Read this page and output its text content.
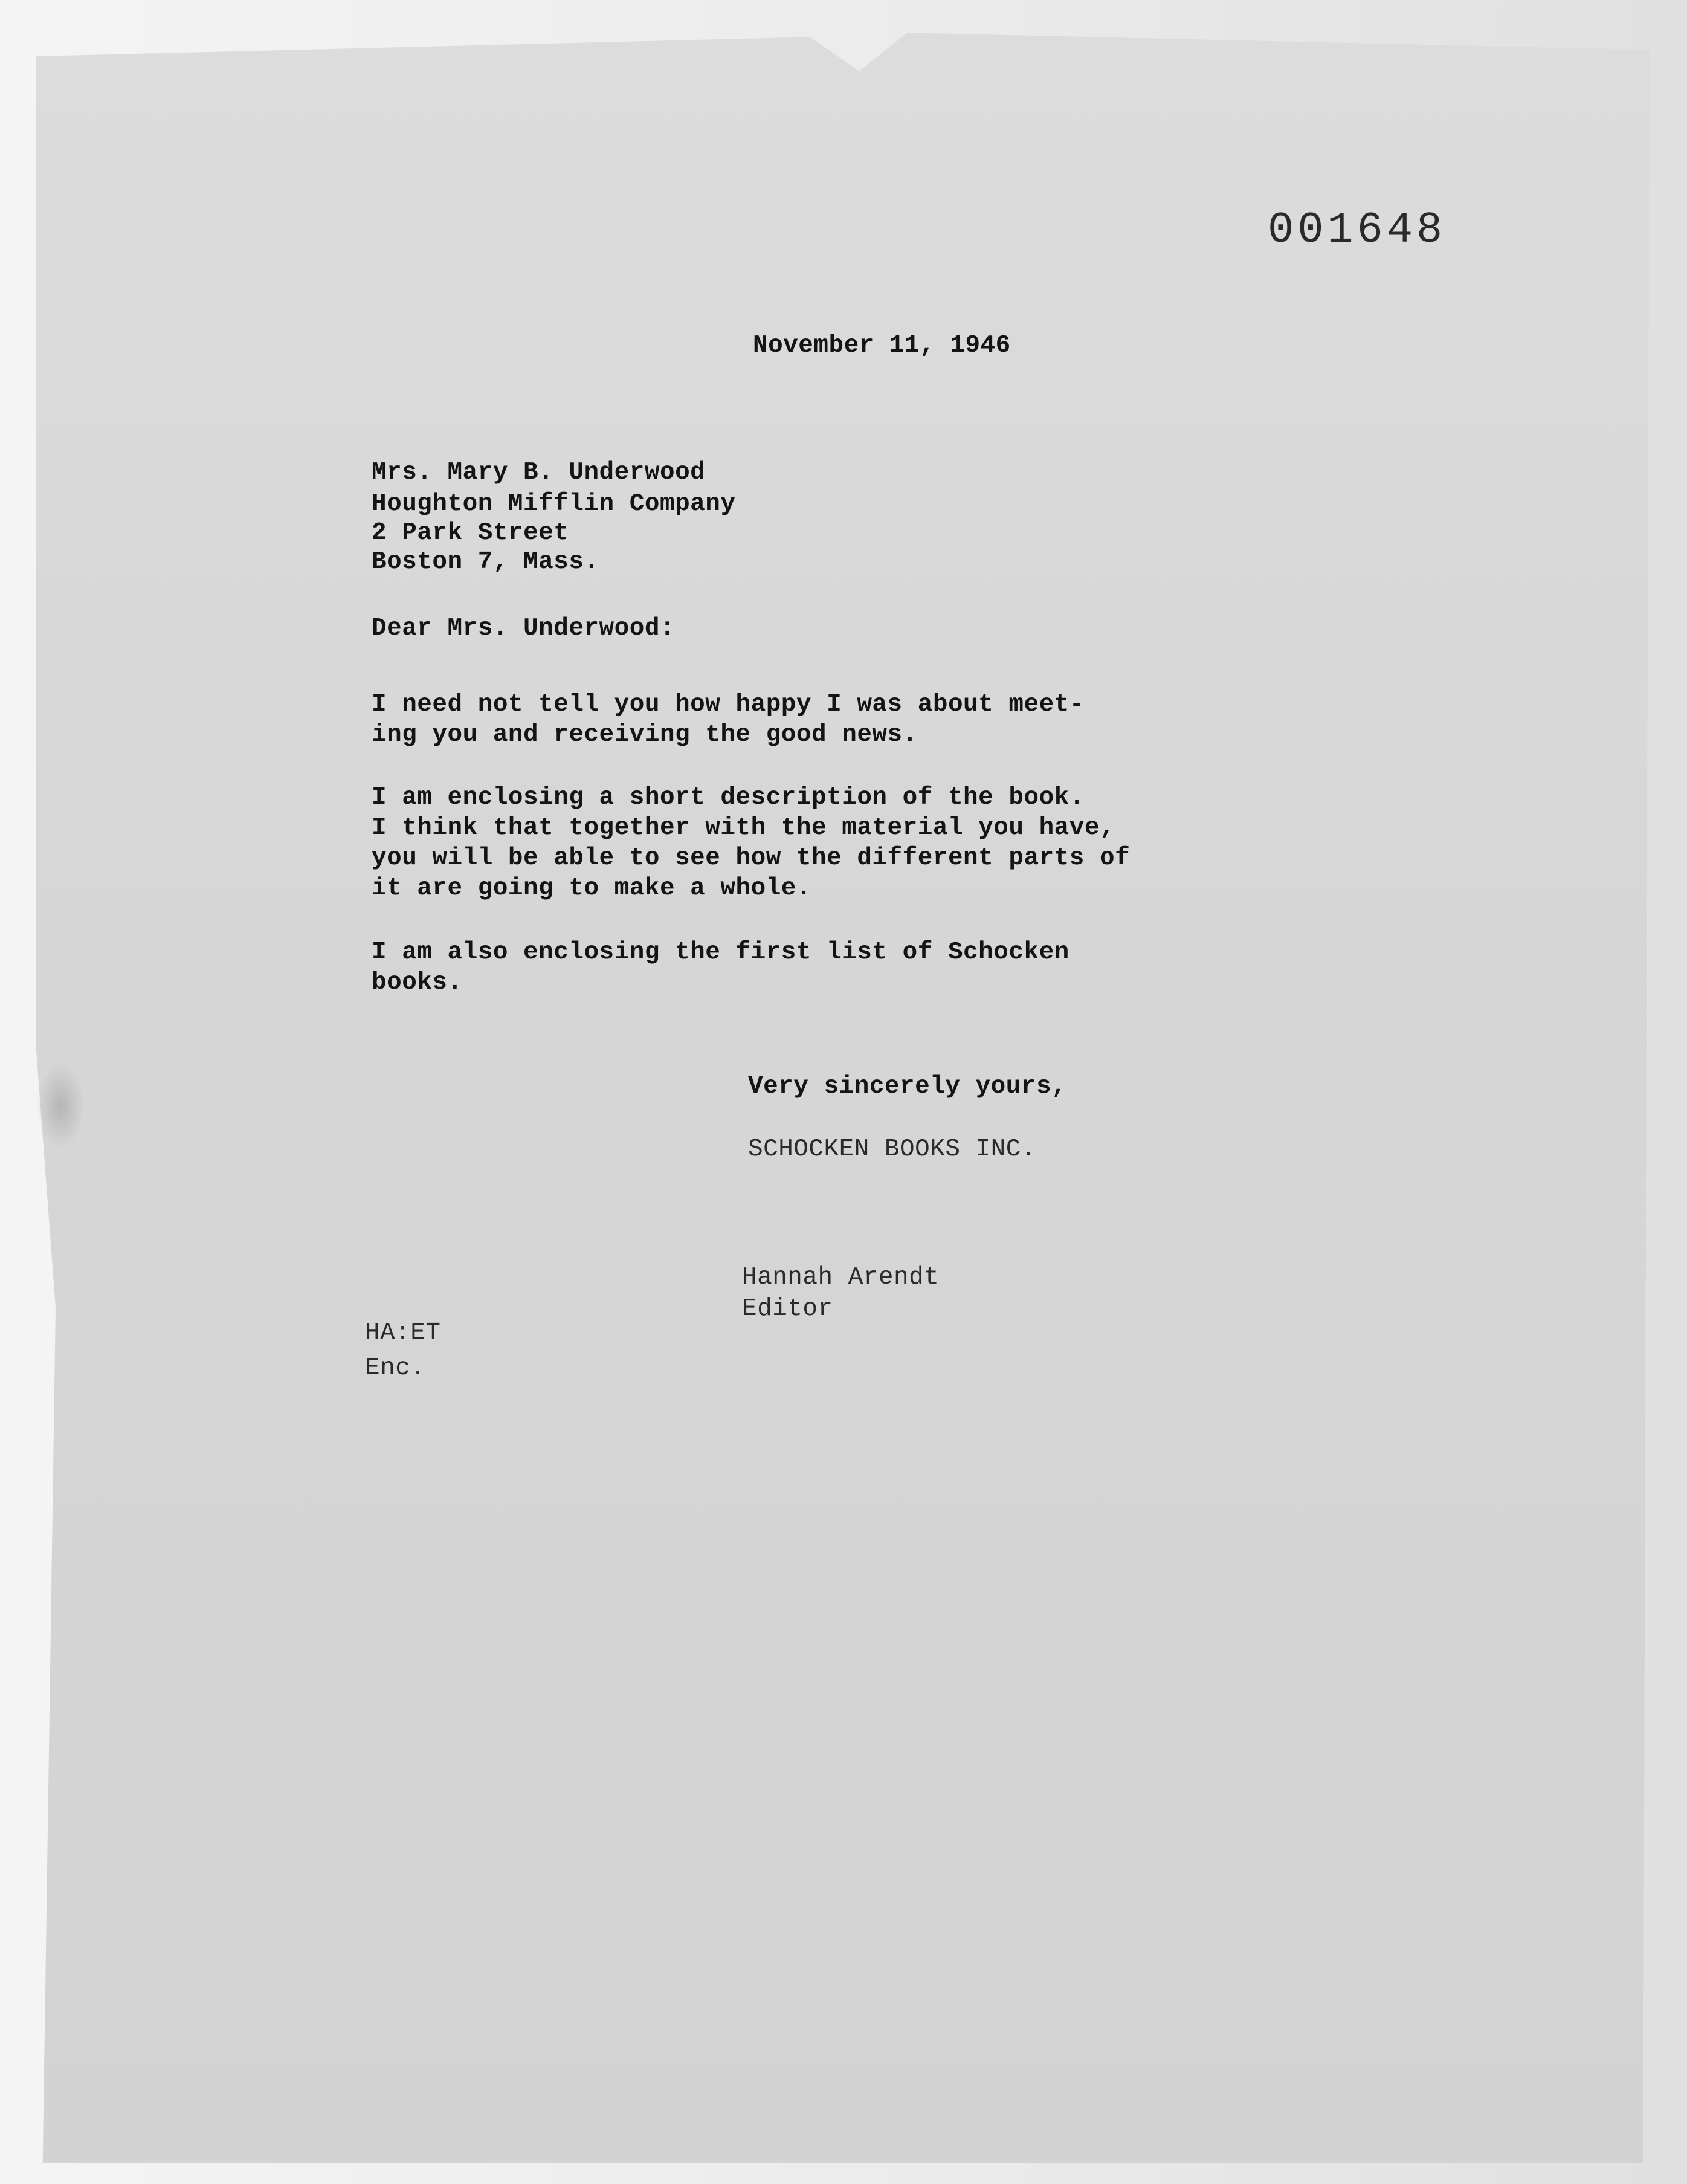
001648
November 11, 1946
Mrs. Mary B. Underwood
Houghton Mifflin Company
2 Park Street
Boston 7, Mass.
Dear Mrs. Underwood:
I need not tell you how happy I was about meet-
ing you and receiving the good news.
I am enclosing a short description of the book.
I think that together with the material you have,
you will be able to see how the different parts of
it are going to make a whole.
I am also enclosing the first list of Schocken
books.
Very sincerely yours,
SCHOCKEN BOOKS INC.
Hannah Arendt
Editor
HA:ET
Enc.
